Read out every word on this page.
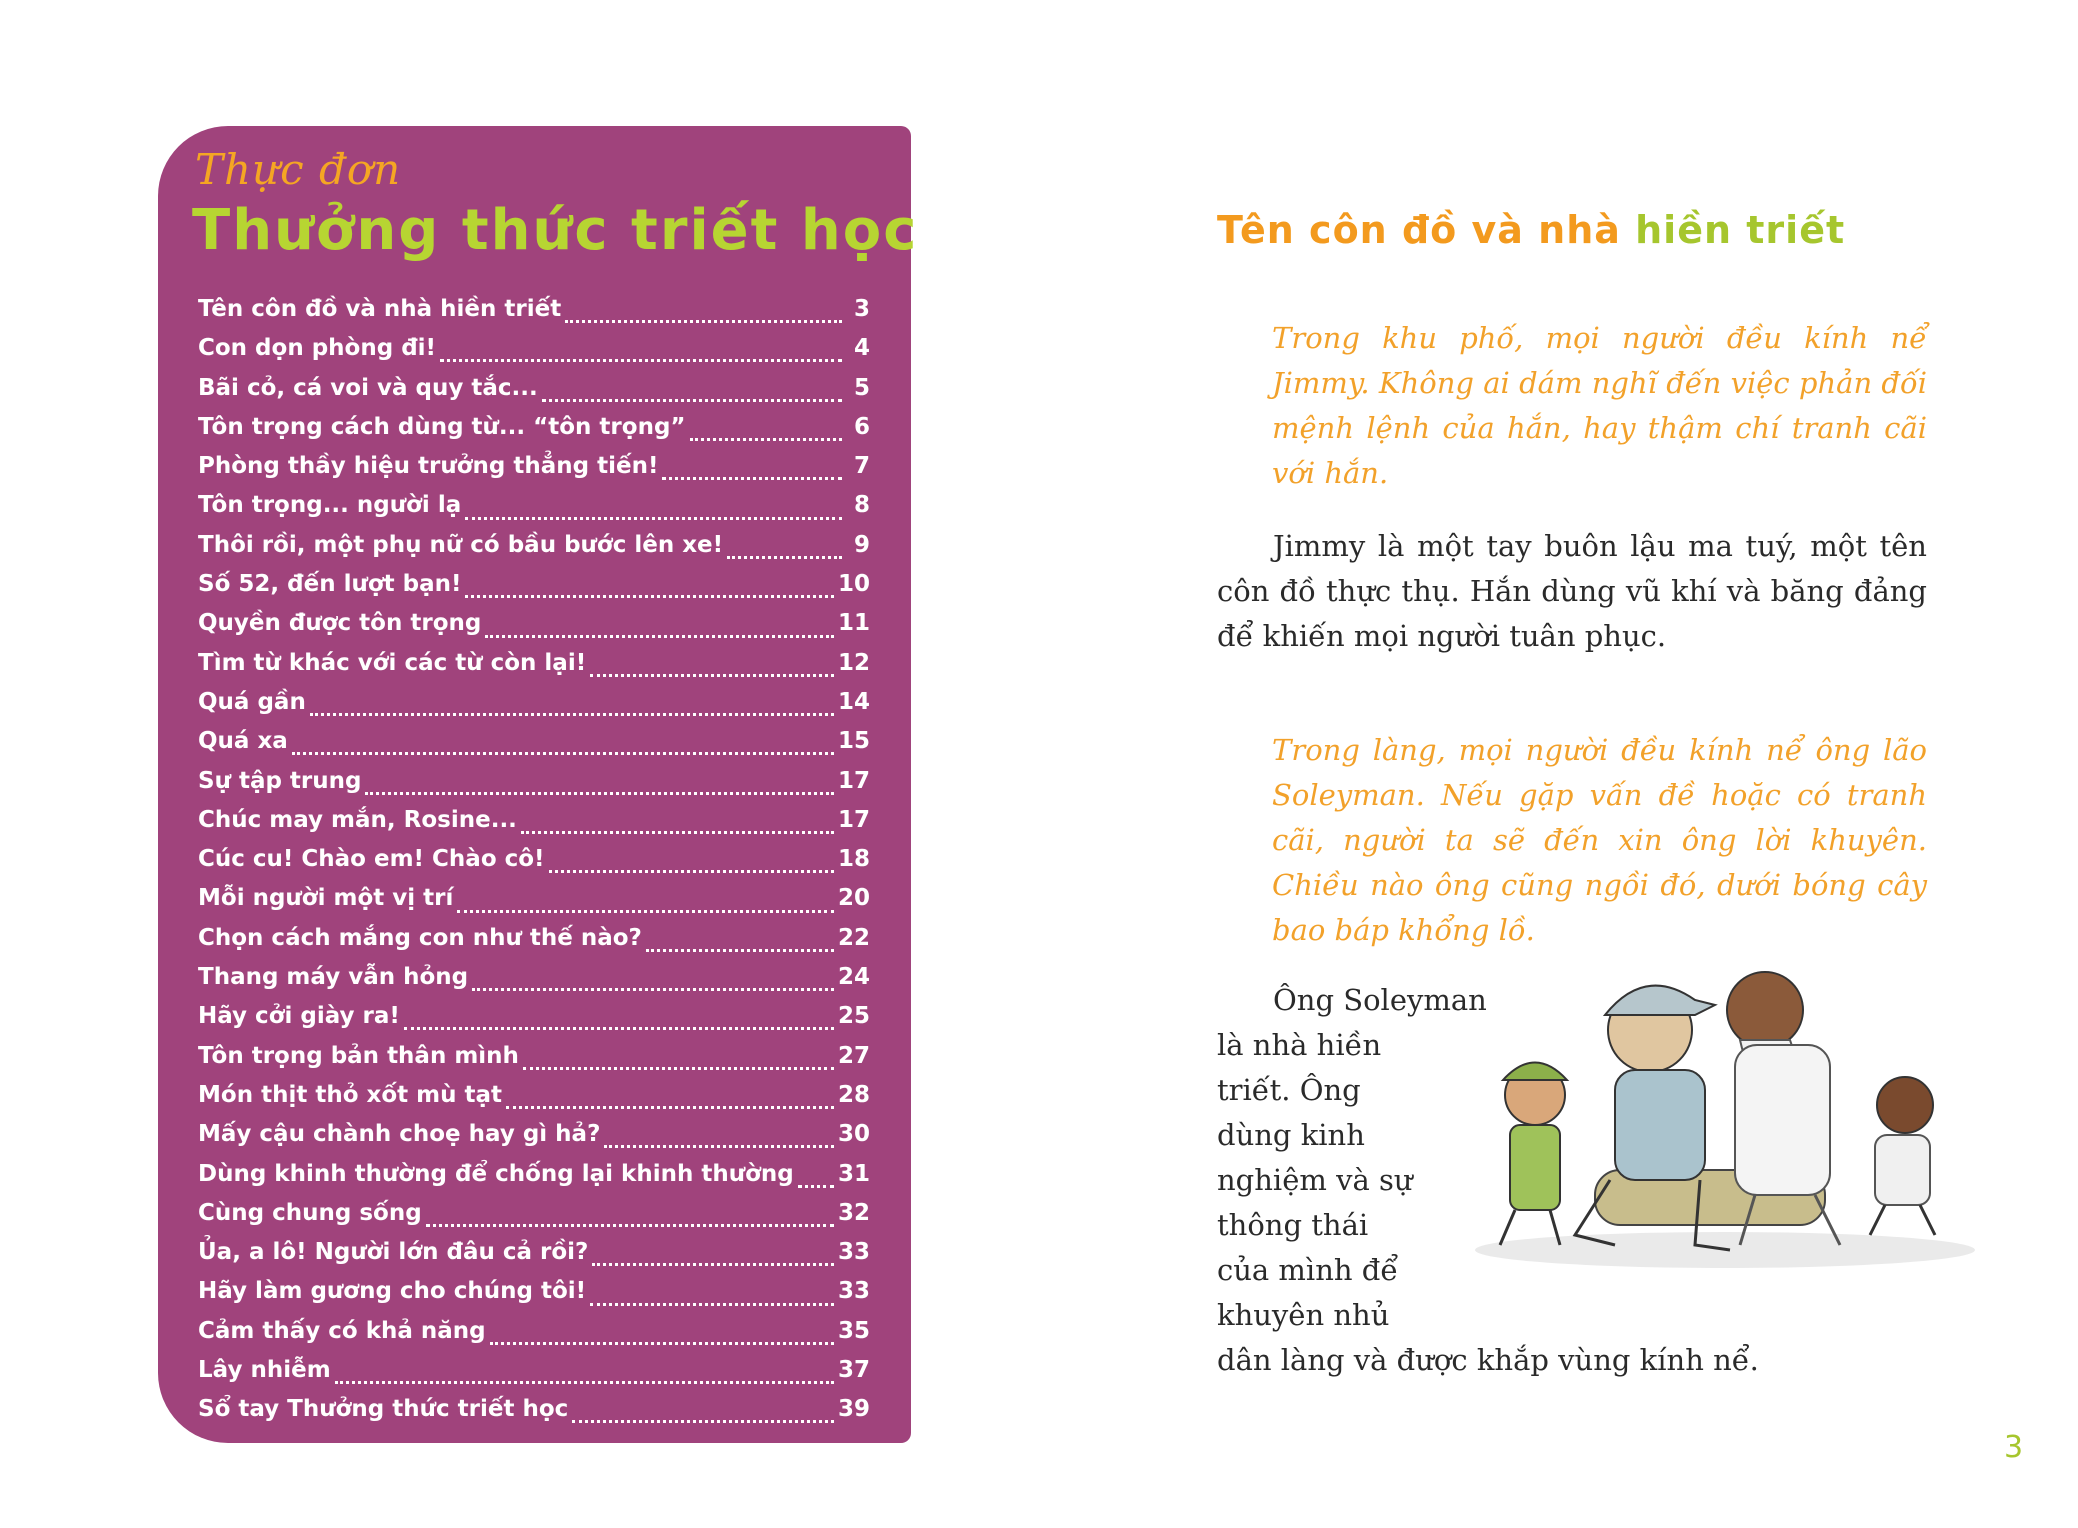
Thực đơn
Thưởng thức triết học
Tên côn đồ và nhà hiền triết	3
Con dọn phòng đi!	4
Bãi cỏ, cá voi và quy tắc...	5
Tôn trọng cách dùng từ... “tôn trọng”	6
Phòng thầy hiệu trưởng thẳng tiến!	7
Tôn trọng... người lạ	8
Thôi rồi, một phụ nữ có bầu bước lên xe!	9
Số 52, đến lượt bạn!	10
Quyền được tôn trọng	11
Tìm từ khác với các từ còn lại!	12
Quá gần	14
Quá xa	15
Sự tập trung	17
Chúc may mắn, Rosine...	17
Cúc cu! Chào em! Chào cô!	18
Mỗi người một vị trí	20
Chọn cách mắng con như thế nào?	22
Thang máy vẫn hỏng	24
Hãy cởi giày ra!	25
Tôn trọng bản thân mình	27
Món thịt thỏ xốt mù tạt	28
Mấy cậu chành choẹ hay gì hả?	30
Dùng khinh thường để chống lại khinh thường 31
Cùng chung sống	32
Ủa, a lô! Người lớn đâu cả rồi?	33
Hãy làm gương cho chúng tôi!	33
Cảm thấy có khả năng	35
Lây nhiễm	37
Sổ tay Thưởng thức triết học	39
Tên côn đồ và nhà hiền triết

Trong khu phố, mọi người đều kính nể Jimmy. Không ai dám nghĩ đến việc phản đối mệnh lệnh của hắn, hay thậm chí tranh cãi với hắn.

Jimmy là một tay buôn lậu ma tuý, một tên côn đồ thực thụ. Hắn dùng vũ khí và băng đảng để khiến mọi người tuân phục.

Trong làng, mọi người đều kính nể ông lão Soleyman. Nếu gặp vấn đề hoặc có tranh cãi, người ta sẽ đến xin ông lời khuyên. Chiều nào ông cũng ngồi đó, dưới bóng cây bao báp khổng lồ.

Ông Soleyman
là nhà hiền
triết. Ông
dùng kinh
nghiệm và sự
thông thái
của mình để
khuyên nhủ
dân làng và được khắp vùng kính nể.

3
